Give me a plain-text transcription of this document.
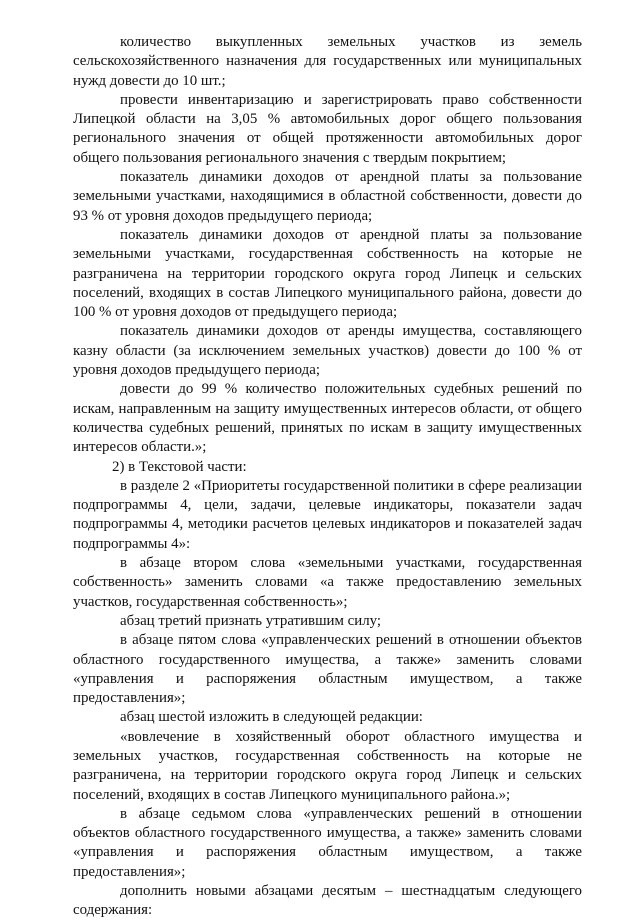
количество выкупленных земельных участков из земель сельскохозяйственного назначения для государственных или муниципальных нужд довести до 10 шт.;

провести инвентаризацию и зарегистрировать право собственности Липецкой области на 3,05 % автомобильных дорог общего пользования регионального значения от общей протяженности автомобильных дорог общего пользования регионального значения с твердым покрытием;

показатель динамики доходов от арендной платы за пользование земельными участками, находящимися в областной собственности, довести до 93 % от уровня доходов предыдущего периода;

показатель динамики доходов от арендной платы за пользование земельными участками, государственная собственность на которые не разграничена на территории городского округа город Липецк и сельских поселений, входящих в состав Липецкого муниципального района, довести до 100 % от уровня доходов от предыдущего периода;

показатель динамики доходов от аренды имущества, составляющего казну области (за исключением земельных участков) довести до 100 % от уровня доходов предыдущего периода;

довести до 99 % количество положительных судебных решений по искам, направленным на защиту имущественных интересов области, от общего количества судебных решений, принятых по искам в защиту имущественных интересов области.»;

2) в Текстовой части:

в разделе 2 «Приоритеты государственной политики в сфере реализации подпрограммы 4, цели, задачи, целевые индикаторы, показатели задач подпрограммы 4, методики расчетов целевых индикаторов и показателей задач подпрограммы 4»:

в абзаце втором слова «земельными участками, государственная собственность» заменить словами «а также предоставлению земельных участков, государственная собственность»;

абзац третий признать утратившим силу;

в абзаце пятом слова «управленческих решений в отношении объектов областного государственного имущества, а также» заменить словами «управления и распоряжения областным имуществом, а также предоставления»;

абзац шестой изложить в следующей редакции:

«вовлечение в хозяйственный оборот областного имущества и земельных участков, государственная собственность на которые не разграничена, на территории городского округа город Липецк и сельских поселений, входящих в состав Липецкого муниципального района.»;

в абзаце седьмом слова «управленческих решений в отношении объектов областного государственного имущества, а также» заменить словами «управления и распоряжения областным имуществом, а также предоставления»;

дополнить новыми абзацами десятым – шестнадцатым следующего содержания:
